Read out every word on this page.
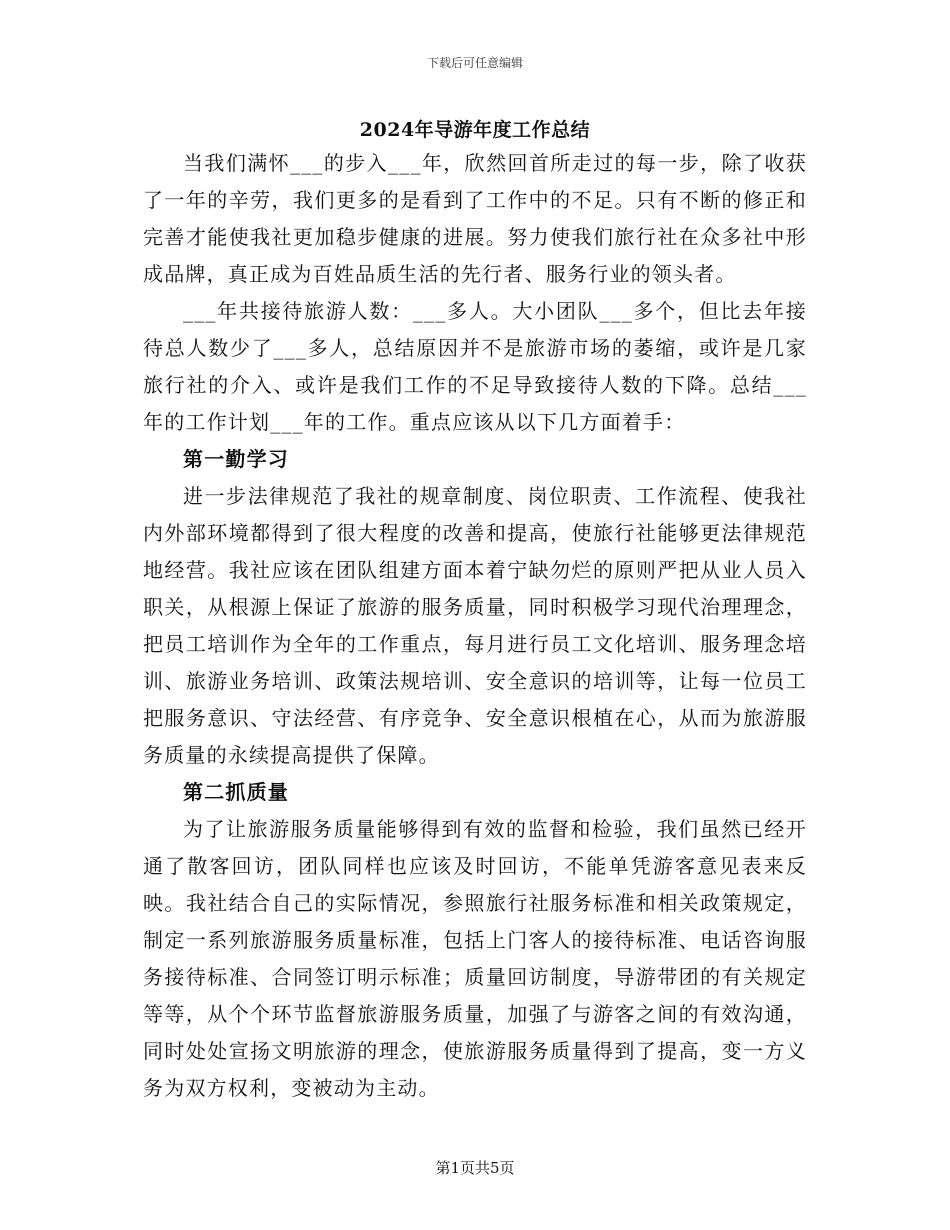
下载后可任意编辑
2024年导游年度工作总结

当我们满怀___的步入___年，欣然回首所走过的每一步，除了收获了一年的辛劳，我们更多的是看到了工作中的不足。只有不断的修正和完善才能使我社更加稳步健康的进展。努力使我们旅行社在众多社中形成品牌，真正成为百姓品质生活的先行者、服务行业的领头者。

___年共接待旅游人数：___多人。大小团队___多个，但比去年接待总人数少了___多人，总结原因并不是旅游市场的萎缩，或许是几家旅行社的介入、或许是我们工作的不足导致接待人数的下降。总结___年的工作计划___年的工作。重点应该从以下几方面着手：

第一勤学习

进一步法律规范了我社的规章制度、岗位职责、工作流程、使我社内外部环境都得到了很大程度的改善和提高，使旅行社能够更法律规范地经营。我社应该在团队组建方面本着宁缺勿烂的原则严把从业人员入职关，从根源上保证了旅游的服务质量，同时积极学习现代治理理念，把员工培训作为全年的工作重点，每月进行员工文化培训、服务理念培训、旅游业务培训、政策法规培训、安全意识的培训等，让每一位员工把服务意识、守法经营、有序竞争、安全意识根植在心，从而为旅游服务质量的永续提高提供了保障。

第二抓质量

为了让旅游服务质量能够得到有效的监督和检验，我们虽然已经开通了散客回访，团队同样也应该及时回访，不能单凭游客意见表来反映。我社结合自己的实际情况，参照旅行社服务标准和相关政策规定，制定一系列旅游服务质量标准，包括上门客人的接待标准、电话咨询服务接待标准、合同签订明示标准；质量回访制度，导游带团的有关规定等等，从个个环节监督旅游服务质量，加强了与游客之间的有效沟通，同时处处宣扬文明旅游的理念，使旅游服务质量得到了提高，变一方义务为双方权利，变被动为主动。

第1页共5页
